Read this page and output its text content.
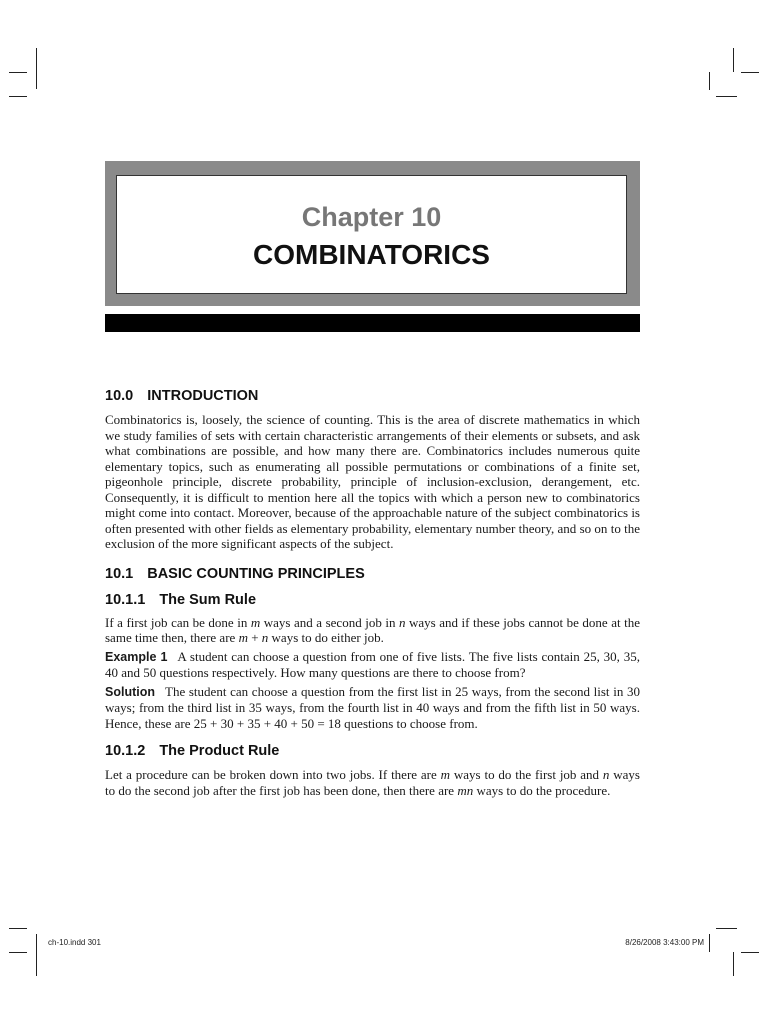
Chapter 10
COMBINATORICS
10.0 INTRODUCTION

Combinatorics is, loosely, the science of counting. This is the area of discrete mathematics in which we study families of sets with certain characteristic arrangements of their elements or subsets, and ask what combinations are possible, and how many there are. Combinatorics includes numerous quite elementary topics, such as enumerating all possible permutations or combinations of a finite set, pigeonhole principle, discrete probability, principle of inclusion-exclusion, derangement, etc. Consequently, it is difficult to mention here all the topics with which a person new to combinatorics might come into contact. Moreover, because of the approachable nature of the subject combinatorics is often presented with other fields as elementary probability, elementary number theory, and so on to the exclusion of the more significant aspects of the subject.

10.1 BASIC COUNTING PRINCIPLES
10.1.1 The Sum Rule

If a first job can be done in m ways and a second job in n ways and if these jobs cannot be done at the same time then, there are m + n ways to do either job.

Example 1 A student can choose a question from one of five lists. The five lists contain 25, 30, 35, 40 and 50 questions respectively. How many questions are there to choose from?

Solution The student can choose a question from the first list in 25 ways, from the second list in 30 ways; from the third list in 35 ways, from the fourth list in 40 ways and from the fifth list in 50 ways. Hence, these are 25 + 30 + 35 + 40 + 50 = 18 questions to choose from.

10.1.2 The Product Rule

Let a procedure can be broken down into two jobs. If there are m ways to do the first job and n ways to do the second job after the first job has been done, then there are mn ways to do the procedure.

ch-10.indd 301	8/26/2008 3:43:00 PM
